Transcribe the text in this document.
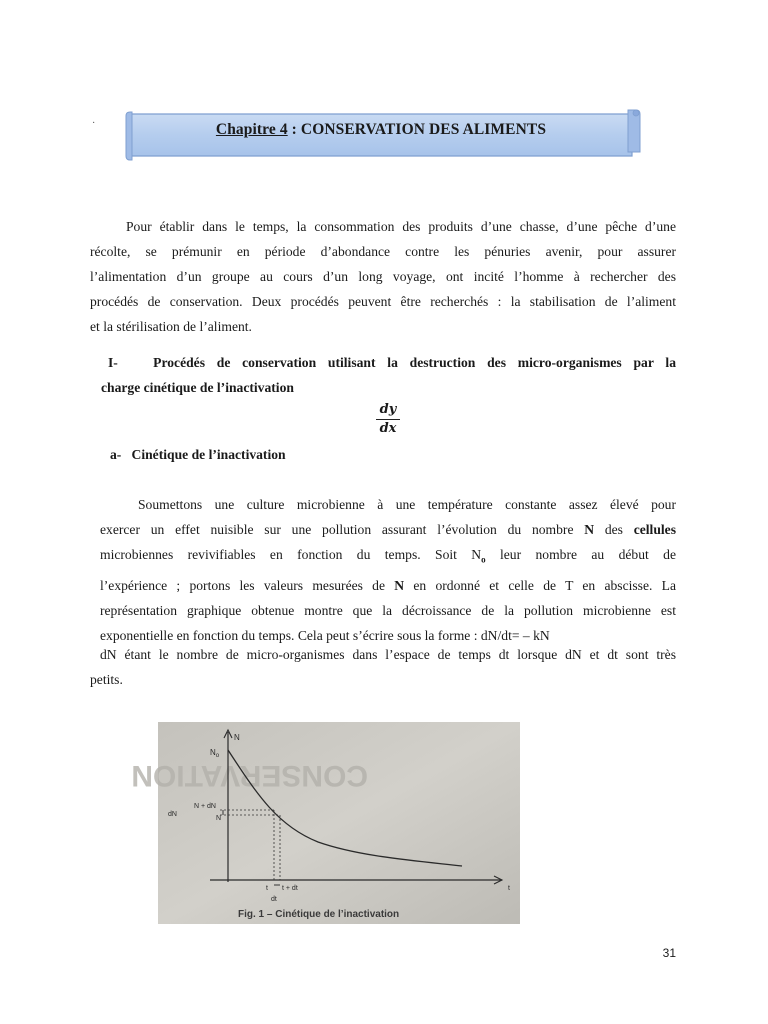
·	Chapitre 4 : CONSERVATION DES ALIMENTS
Pour établir dans le temps, la consommation des produits d’une chasse, d’une pêche d’une
récolte, se prémunir en période d’abondance contre les pénuries avenir, pour assurer
l’alimentation d’un groupe au cours d’un long voyage, ont incité l’homme à rechercher des
procédés de conservation. Deux procédés peuvent être recherchés : la stabilisation de l’aliment
et la stérilisation de l’aliment.
I-	Procédés de conservation utilisant la destruction des micro-organismes par la
charge cinétique de l’inactivation
dy
dx
a- Cinétique de l’inactivation
Soumettons une culture microbienne à une température constante assez élevé pour
exercer un effet nuisible sur une pollution assurant l’évolution du nombre N des cellules
microbiennes revivifiables en fonction du temps. Soit $N_o$ leur nombre au début de
l’expérience ; portons les valeurs mesurées de N en ordonné et celle de T en abscisse. La
représentation graphique obtenue montre que la décroissance de la pollution microbienne est
exponentielle en fonction du temps. Cela peut s’écrire sous la forme : dN/dt= – kN
dN étant le nombre de micro-organismes dans l’espace de temps dt lorsque dN et dt sont très
petits.
CONSERVATION
N
$N_o$
N + dN
dN
N
t t + dt
dt
t
Fig. 1 – Cinétique de l’inactivation
31
